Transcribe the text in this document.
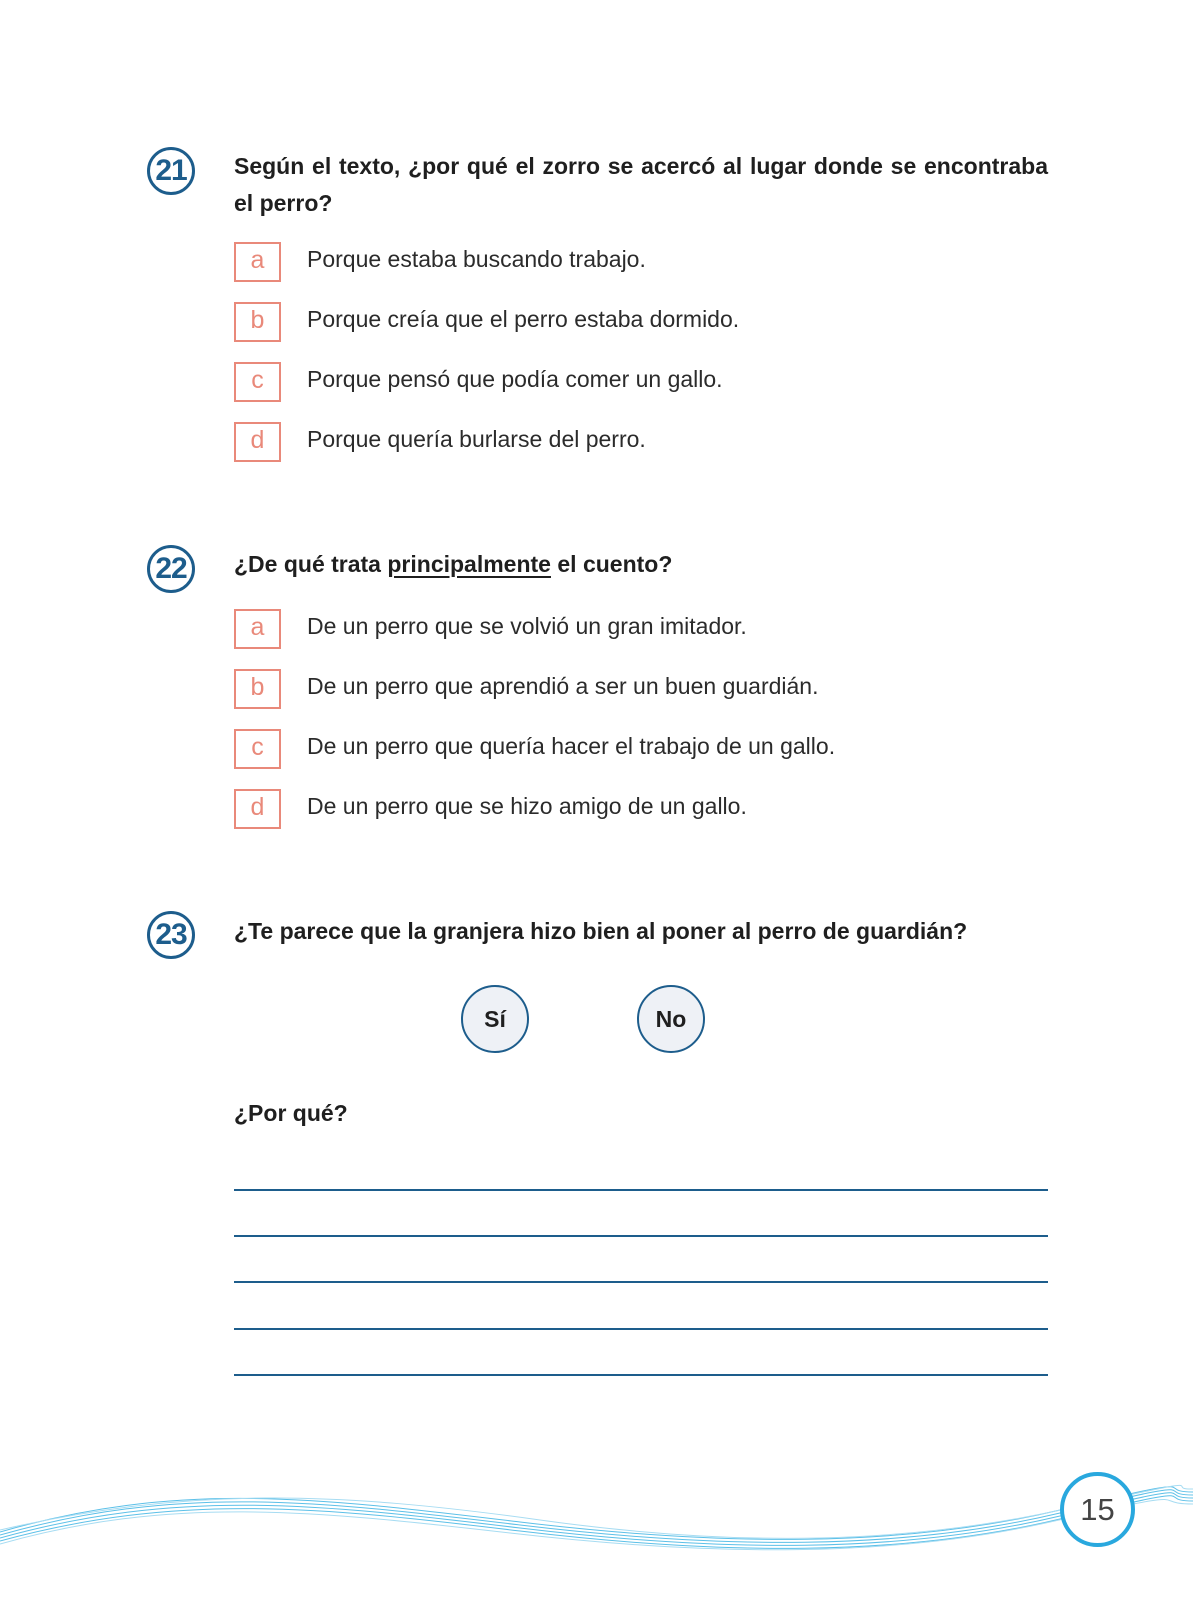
21	Según el texto, ¿por qué el zorro se acercó al lugar donde se encontraba el perro?
a	Porque estaba buscando trabajo.
b	Porque creía que el perro estaba dormido.
c	Porque pensó que podía comer un gallo.
d	Porque quería burlarse del perro.
22	¿De qué trata principalmente el cuento?
a	De un perro que se volvió un gran imitador.
b	De un perro que aprendió a ser un buen guardián.
c	De un perro que quería hacer el trabajo de un gallo.
d	De un perro que se hizo amigo de un gallo.
23	¿Te parece que la granjera hizo bien al poner al perro de guardián?
Sí	No
¿Por qué?
15
